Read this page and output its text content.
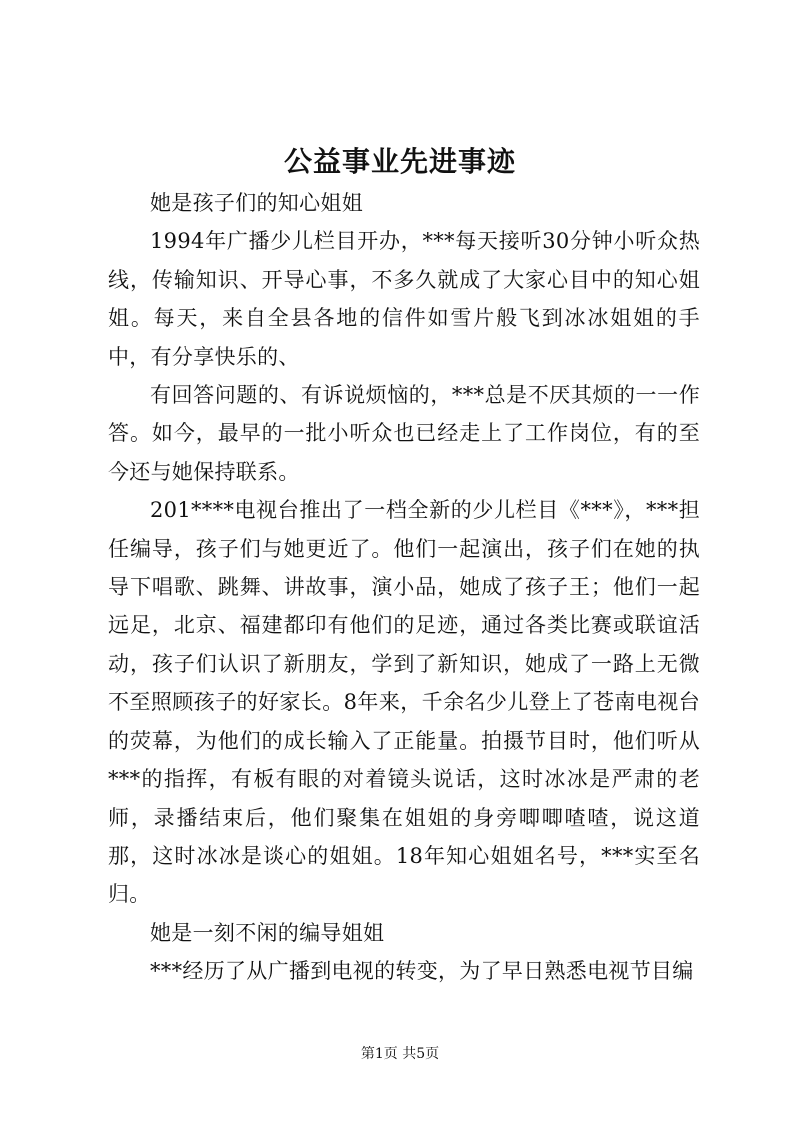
公益事业先进事迹

她是孩子们的知心姐姐

1994年广播少儿栏目开办，***每天接听30分钟小听众热线，传输知识、开导心事，不多久就成了大家心目中的知心姐姐。每天，来自全县各地的信件如雪片般飞到冰冰姐姐的手中，有分享快乐的、

有回答问题的、有诉说烦恼的，***总是不厌其烦的一一作答。如今，最早的一批小听众也已经走上了工作岗位，有的至今还与她保持联系。

201****电视台推出了一档全新的少儿栏目《***》，***担任编导，孩子们与她更近了。他们一起演出，孩子们在她的执导下唱歌、跳舞、讲故事，演小品，她成了孩子王；他们一起远足，北京、福建都印有他们的足迹，通过各类比赛或联谊活动，孩子们认识了新朋友，学到了新知识，她成了一路上无微不至照顾孩子的好家长。8年来，千余名少儿登上了苍南电视台的荧幕，为他们的成长输入了正能量。拍摄节目时，他们听从***的指挥，有板有眼的对着镜头说话，这时冰冰是严肃的老师，录播结束后，他们聚集在姐姐的身旁唧唧喳喳，说这道那，这时冰冰是谈心的姐姐。18年知心姐姐名号，***实至名归。

她是一刻不闲的编导姐姐

***经历了从广播到电视的转变，为了早日熟悉电视节目编

第1页 共5页
